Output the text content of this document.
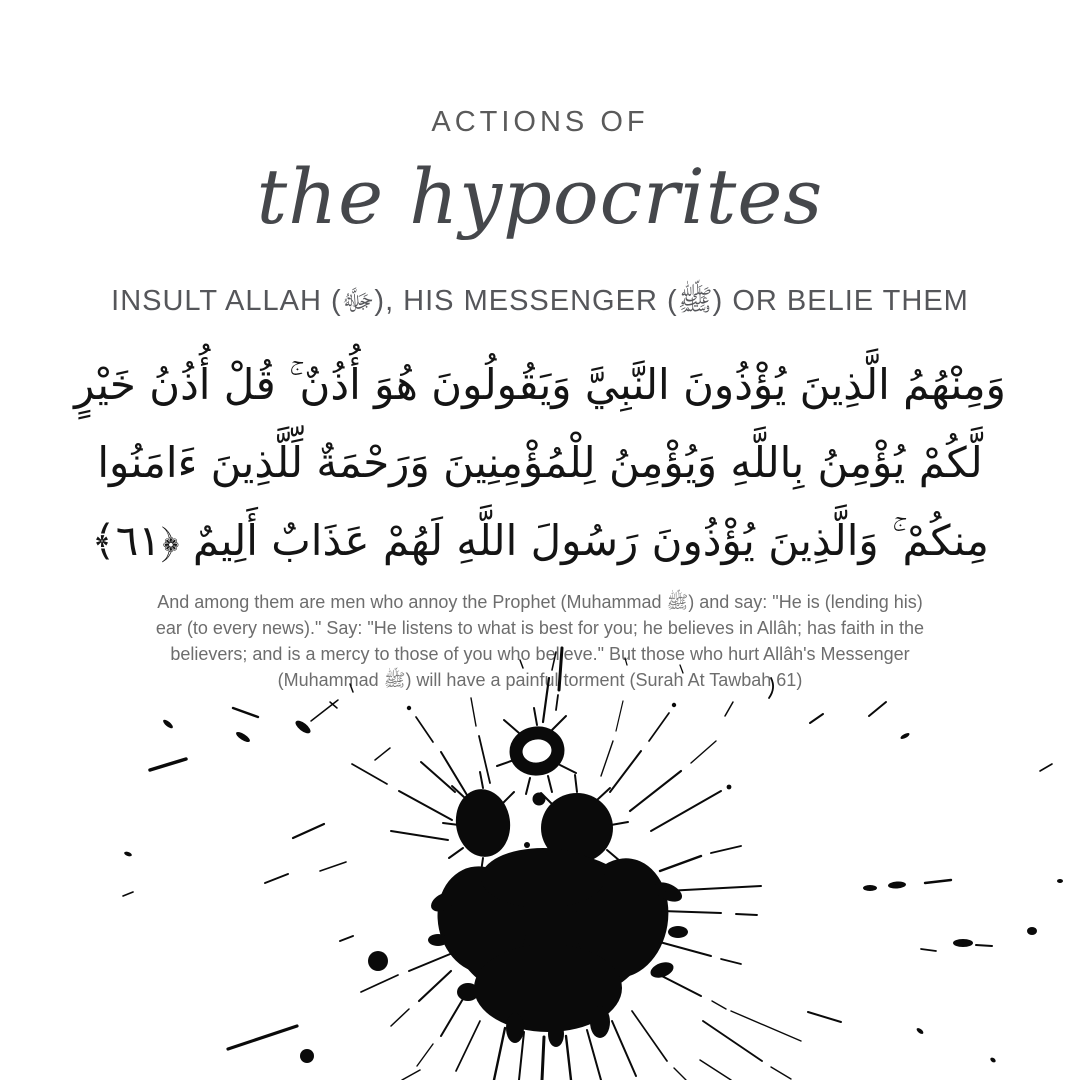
ACTIONS OF
the hypocrites
INSULT ALLAH (ﷻ), HIS MESSENGER (ﷺ) OR BELIE THEM
وَمِنْهُمُ الَّذِينَ يُؤْذُونَ النَّبِيَّ وَيَقُولُونَ هُوَ أُذُنٌ ۚ قُلْ أُذُنُ خَيْرٍ
لَّكُمْ يُؤْمِنُ بِاللَّهِ وَيُؤْمِنُ لِلْمُؤْمِنِينَ وَرَحْمَةٌ لِّلَّذِينَ ءَامَنُوا
مِنكُمْ ۚ وَالَّذِينَ يُؤْذُونَ رَسُولَ اللَّهِ لَهُمْ عَذَابٌ أَلِيمٌ ﴿٦١﴾
And among them are men who annoy the Prophet (Muhammad ﷺ) and say: "He is (lending his)
ear (to every news)." Say: "He listens to what is best for you; he believes in Allâh; has faith in the
believers; and is a mercy to those of you who believe." But those who hurt Allâh's Messenger
(Muhammad ﷺ) will have a painful torment (Surah At Tawbah 61)
